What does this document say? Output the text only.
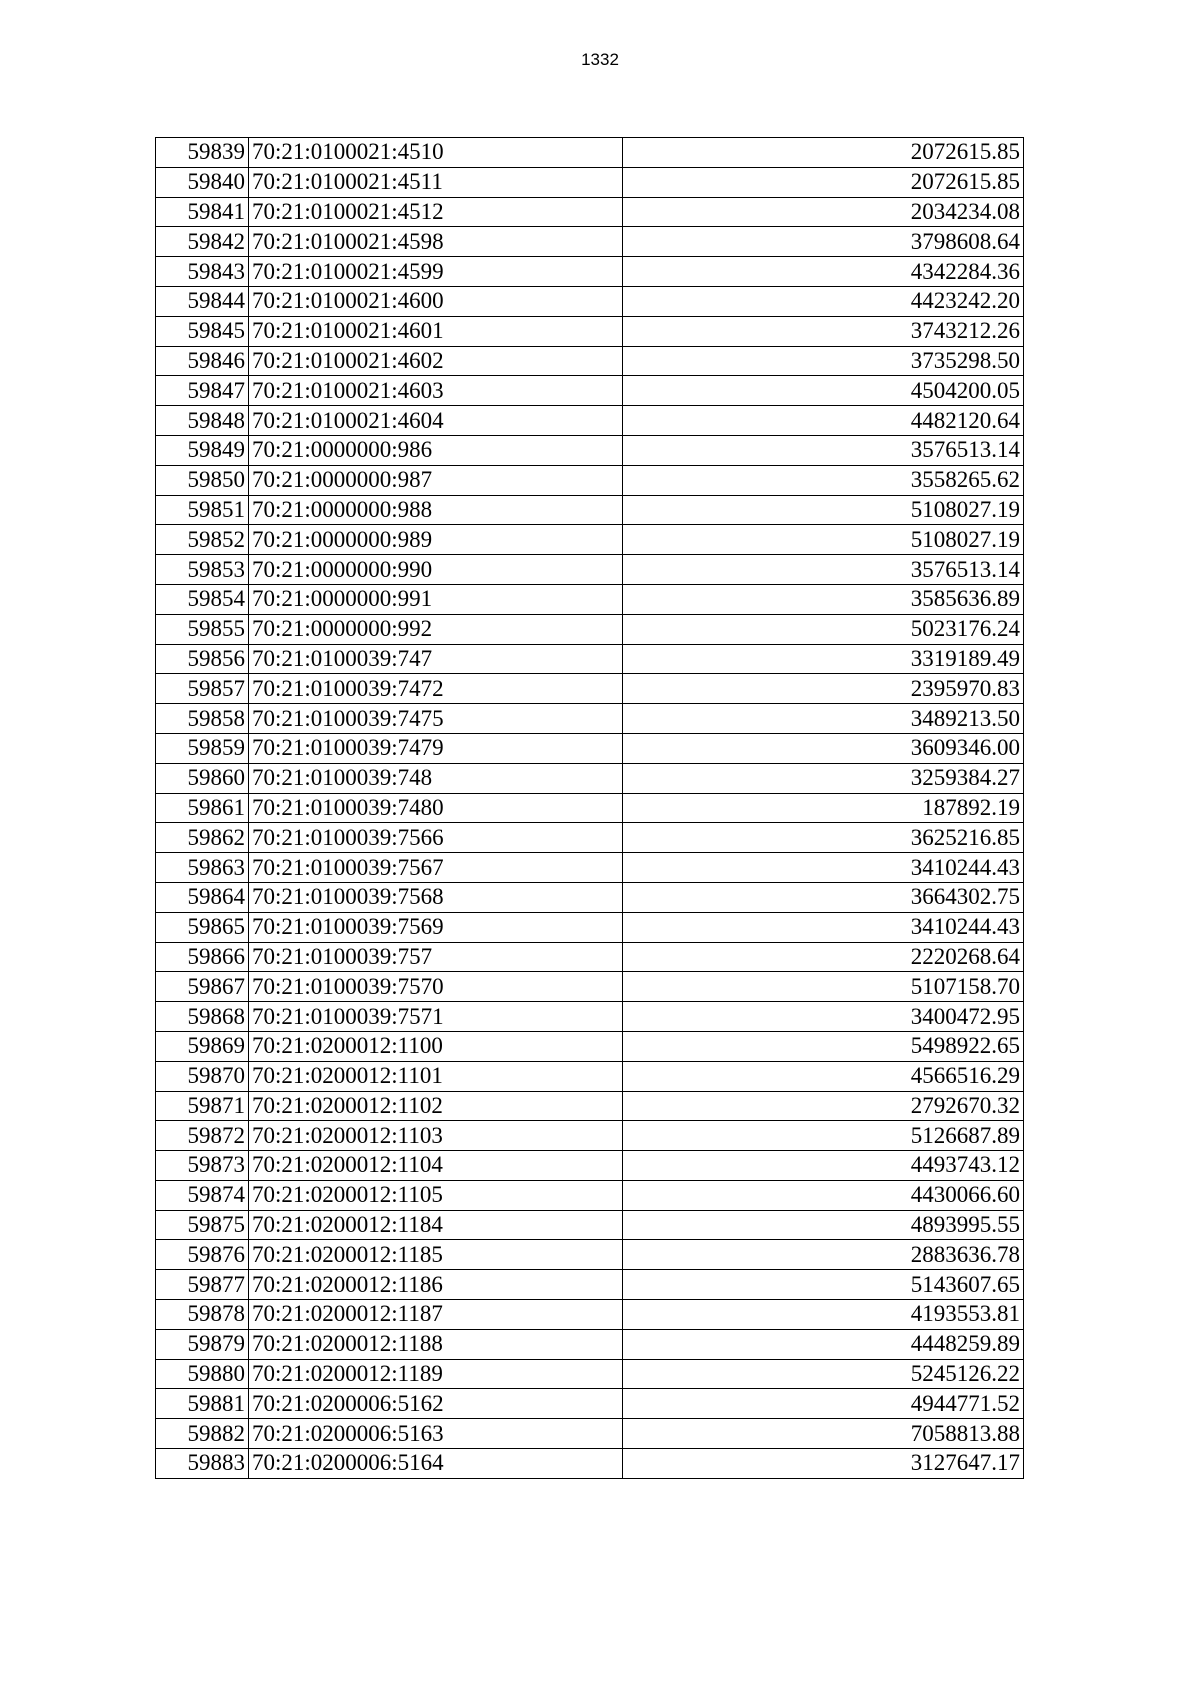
1332
59839	70:21:0100021:4510		2072615.85
59840	70:21:0100021:4511		2072615.85
59841	70:21:0100021:4512		2034234.08
59842	70:21:0100021:4598		3798608.64
59843	70:21:0100021:4599		4342284.36
59844	70:21:0100021:4600		4423242.20
59845	70:21:0100021:4601		3743212.26
59846	70:21:0100021:4602		3735298.50
59847	70:21:0100021:4603		4504200.05
59848	70:21:0100021:4604		4482120.64
59849	70:21:0000000:986		3576513.14
59850	70:21:0000000:987		3558265.62
59851	70:21:0000000:988		5108027.19
59852	70:21:0000000:989		5108027.19
59853	70:21:0000000:990		3576513.14
59854	70:21:0000000:991		3585636.89
59855	70:21:0000000:992		5023176.24
59856	70:21:0100039:747		3319189.49
59857	70:21:0100039:7472		2395970.83
59858	70:21:0100039:7475		3489213.50
59859	70:21:0100039:7479		3609346.00
59860	70:21:0100039:748		3259384.27
59861	70:21:0100039:7480		187892.19
59862	70:21:0100039:7566		3625216.85
59863	70:21:0100039:7567		3410244.43
59864	70:21:0100039:7568		3664302.75
59865	70:21:0100039:7569		3410244.43
59866	70:21:0100039:757		2220268.64
59867	70:21:0100039:7570		5107158.70
59868	70:21:0100039:7571		3400472.95
59869	70:21:0200012:1100		5498922.65
59870	70:21:0200012:1101		4566516.29
59871	70:21:0200012:1102		2792670.32
59872	70:21:0200012:1103		5126687.89
59873	70:21:0200012:1104		4493743.12
59874	70:21:0200012:1105		4430066.60
59875	70:21:0200012:1184		4893995.55
59876	70:21:0200012:1185		2883636.78
59877	70:21:0200012:1186		5143607.65
59878	70:21:0200012:1187		4193553.81
59879	70:21:0200012:1188		4448259.89
59880	70:21:0200012:1189		5245126.22
59881	70:21:0200006:5162		4944771.52
59882	70:21:0200006:5163		7058813.88
59883	70:21:0200006:5164		3127647.17
